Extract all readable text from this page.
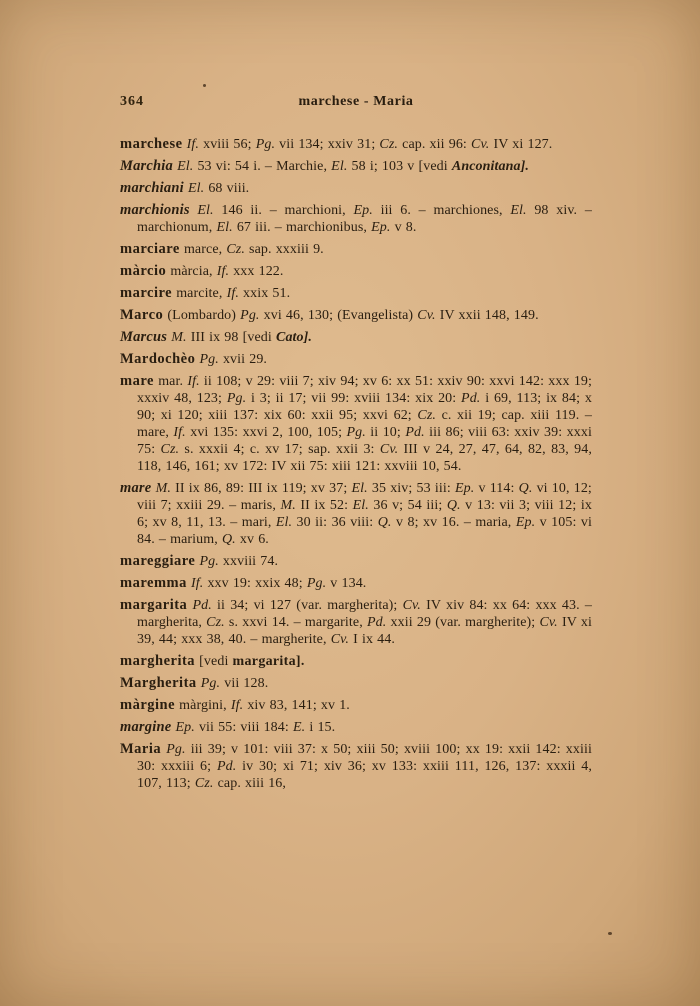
364	marchese - Maria

marchese If. xviii 56; Pg. vii 134; xxiv 31; Cz. cap. xii 96: Cv. IV xi 127.

Marchia El. 53 vi: 54 i. – Marchie, El. 58 i; 103 v [vedi Anconitana].

marchiani El. 68 viii.

marchionis El. 146 ii. – marchioni, Ep. iii 6. – marchiones, El. 98 xiv. – marchionum, El. 67 iii. – marchionibus, Ep. v 8.

marciare marce, Cz. sap. xxxiii 9.

màrcio màrcia, If. xxx 122.

marcire marcite, If. xxix 51.

Marco (Lombardo) Pg. xvi 46, 130; (Evangelista) Cv. IV xxii 148, 149.

Marcus M. III ix 98 [vedi Cato].

Mardochèo Pg. xvii 29.

mare mar. If. ii 108; v 29: viii 7; xiv 94; xv 6: xx 51: xxiv 90: xxvi 142: xxx 19; xxxiv 48, 123; Pg. i 3; ii 17; vii 99: xviii 134: xix 20: Pd. i 69, 113; ix 84; x 90; xi 120; xiii 137: xix 60: xxii 95; xxvi 62; Cz. c. xii 19; cap. xiii 119. – mare, If. xvi 135: xxvi 2, 100, 105; Pg. ii 10; Pd. iii 86; viii 63: xxiv 39: xxxi 75: Cz. s. xxxii 4; c. xv 17; sap. xxii 3: Cv. III v 24, 27, 47, 64, 82, 83, 94, 118, 146, 161; xv 172: IV xii 75: xiii 121: xxviii 10, 54.

mare M. II ix 86, 89: III ix 119; xv 37; El. 35 xiv; 53 iii: Ep. v 114: Q. vi 10, 12; viii 7; xxiii 29. – maris, M. II ix 52: El. 36 v; 54 iii; Q. v 13: vii 3; viii 12; ix 6; xv 8, 11, 13. – mari, El. 30 ii: 36 viii: Q. v 8; xv 16. – maria, Ep. v 105: vi 84. – marium, Q. xv 6.

mareggiare Pg. xxviii 74.

maremma If. xxv 19: xxix 48; Pg. v 134.

margarita Pd. ii 34; vi 127 (var. margherita); Cv. IV xiv 84: xx 64: xxx 43. – margherita, Cz. s. xxvi 14. – margarite, Pd. xxii 29 (var. margherite); Cv. IV xi 39, 44; xxx 38, 40. – margherite, Cv. I ix 44.

margherita [vedi margarita].

Margherita Pg. vii 128.

màrgine màrgini, If. xiv 83, 141; xv 1.

margine Ep. vii 55: viii 184: E. i 15.

Maria Pg. iii 39; v 101: viii 37: x 50; xiii 50; xviii 100; xx 19: xxii 142: xxiii 30: xxxiii 6; Pd. iv 30; xi 71; xiv 36; xv 133: xxiii 111, 126, 137: xxxii 4, 107, 113; Cz. cap. xiii 16,
